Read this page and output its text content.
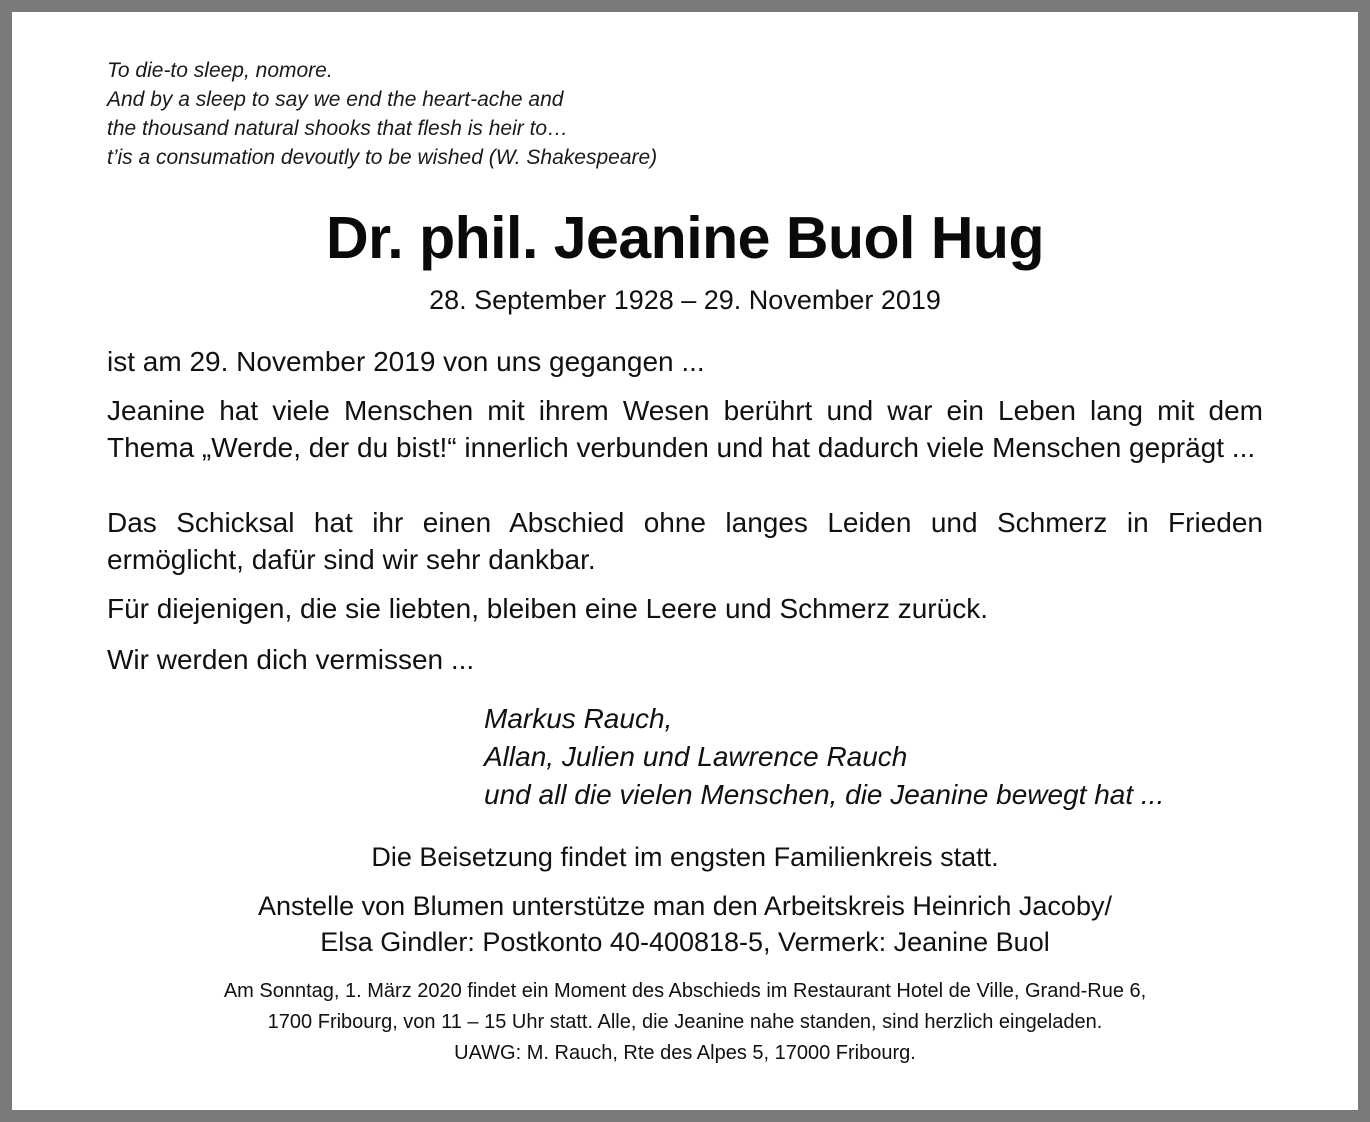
To die-to sleep, nomore.
And by a sleep to say we end the heart-ache and
the thousand natural shooks that flesh is heir to…
t’is a consumation devoutly to be wished (W. Shakespeare)
Dr. phil. Jeanine Buol Hug
28. September 1928 – 29. November 2019
ist am 29. November 2019 von uns gegangen ...
Jeanine hat viele Menschen mit ihrem Wesen berührt und war ein Leben lang mit dem Thema „Werde, der du bist!“ innerlich verbunden und hat dadurch viele Menschen geprägt ...
Das Schicksal hat ihr einen Abschied ohne langes Leiden und Schmerz in Frieden ermöglicht, dafür sind wir sehr dankbar.
Für diejenigen, die sie liebten, bleiben eine Leere und Schmerz zurück.
Wir werden dich vermissen ...
Markus Rauch,
Allan, Julien und Lawrence Rauch
und all die vielen Menschen, die Jeanine bewegt hat ...
Die Beisetzung findet im engsten Familienkreis statt.
Anstelle von Blumen unterstütze man den Arbeitskreis Heinrich Jacoby/
Elsa Gindler: Postkonto 40-400818-5, Vermerk: Jeanine Buol
Am Sonntag, 1. März 2020 findet ein Moment des Abschieds im Restaurant Hotel de Ville, Grand-Rue 6,
1700 Fribourg, von 11 – 15 Uhr statt. Alle, die Jeanine nahe standen, sind herzlich eingeladen.
UAWG: M. Rauch, Rte des Alpes 5, 17000 Fribourg.
